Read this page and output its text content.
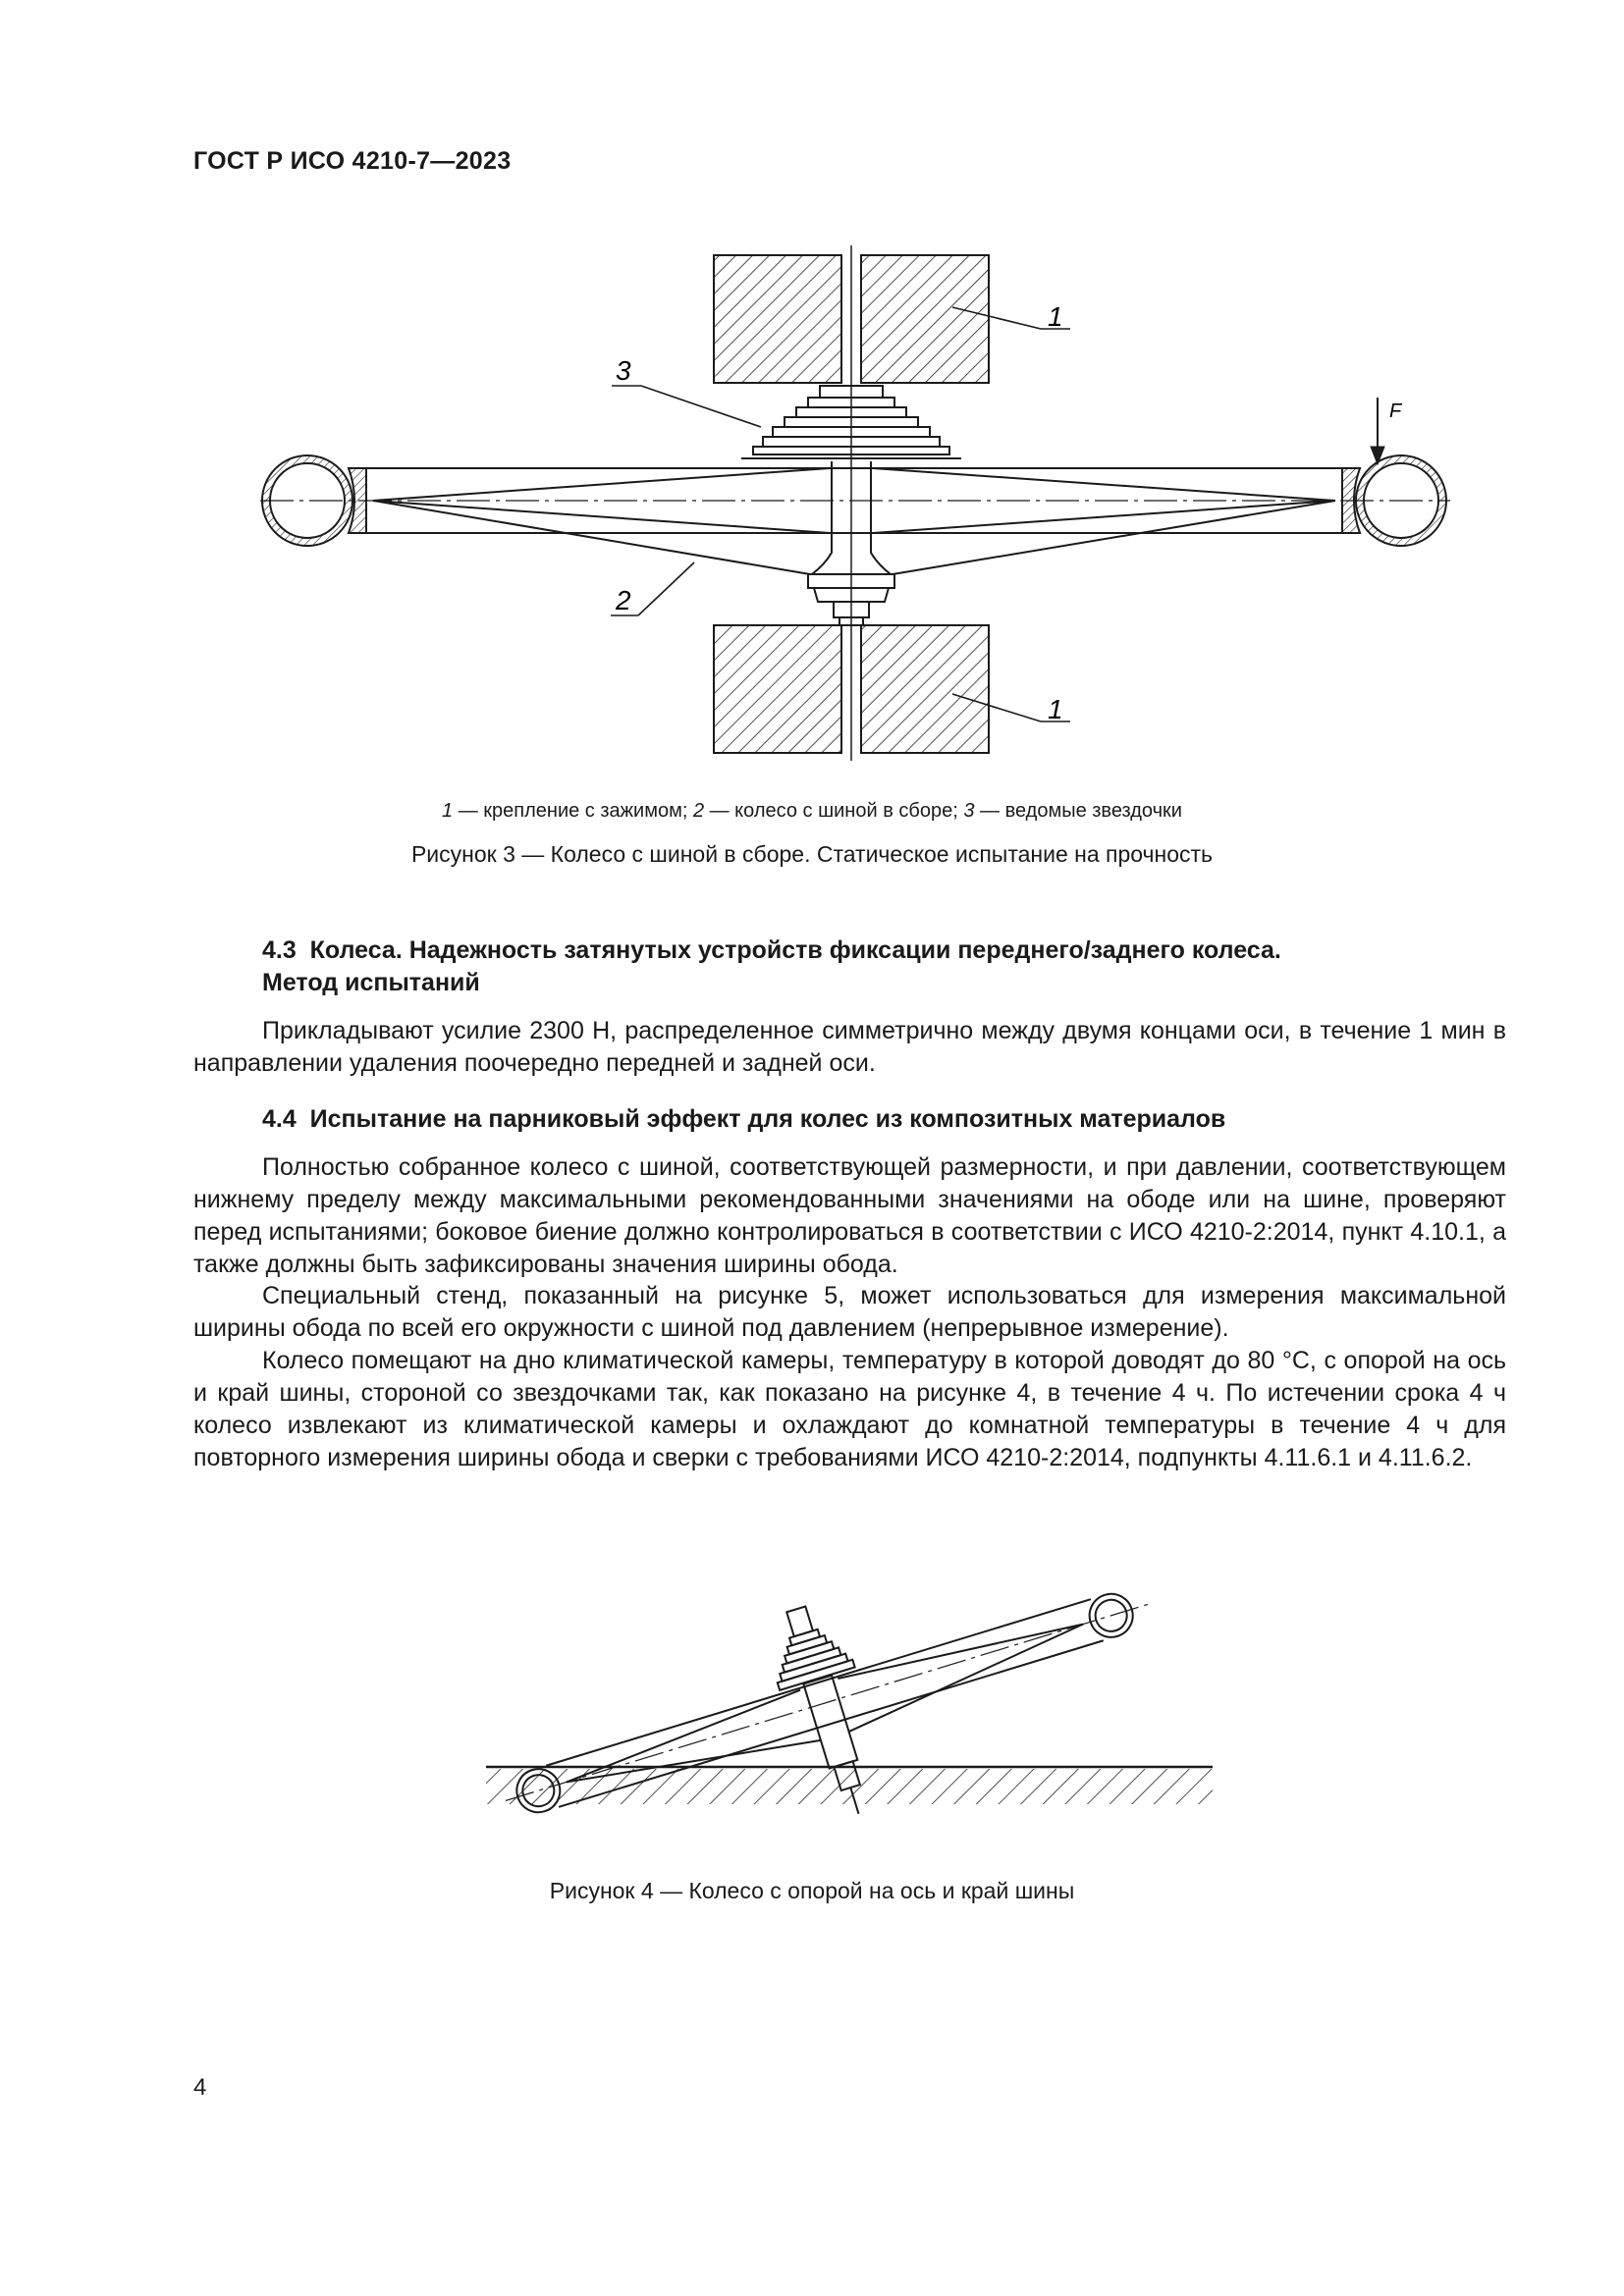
ГОСТ Р ИСО 4210-7—2023
1
1
3
2
F
1 — крепление с зажимом; 2 — колесо с шиной в сборе; 3 — ведомые звездочки
Рисунок 3 — Колесо с шиной в сборе. Статическое испытание на прочность
4.3 Колеса. Надежность затянутых устройств фиксации переднего/заднего колеса.
Метод испытаний

Прикладывают усилие 2300 Н, распределенное симметрично между двумя концами оси, в течение 1 мин в направлении удаления поочередно передней и задней оси.

4.4 Испытание на парниковый эффект для колес из композитных материалов

Полностью собранное колесо с шиной, соответствующей размерности, и при давлении, соответствующем нижнему пределу между максимальными рекомендованными значениями на ободе или на шине, проверяют перед испытаниями; боковое биение должно контролироваться в соответствии с ИСО 4210-2:2014, пункт 4.10.1, а также должны быть зафиксированы значения ширины обода.

Специальный стенд, показанный на рисунке 5, может использоваться для измерения максимальной ширины обода по всей его окружности с шиной под давлением (непрерывное измерение).

Колесо помещают на дно климатической камеры, температуру в которой доводят до 80 °С, с опорой на ось и край шины, стороной со звездочками так, как показано на рисунке 4, в течение 4 ч. По истечении срока 4 ч колесо извлекают из климатической камеры и охлаждают до комнатной температуры в течение 4 ч для повторного измерения ширины обода и сверки с требованиями ИСО 4210-2:2014, подпункты 4.11.6.1 и 4.11.6.2.

Рисунок 4 — Колесо с опорой на ось и край шины
4
